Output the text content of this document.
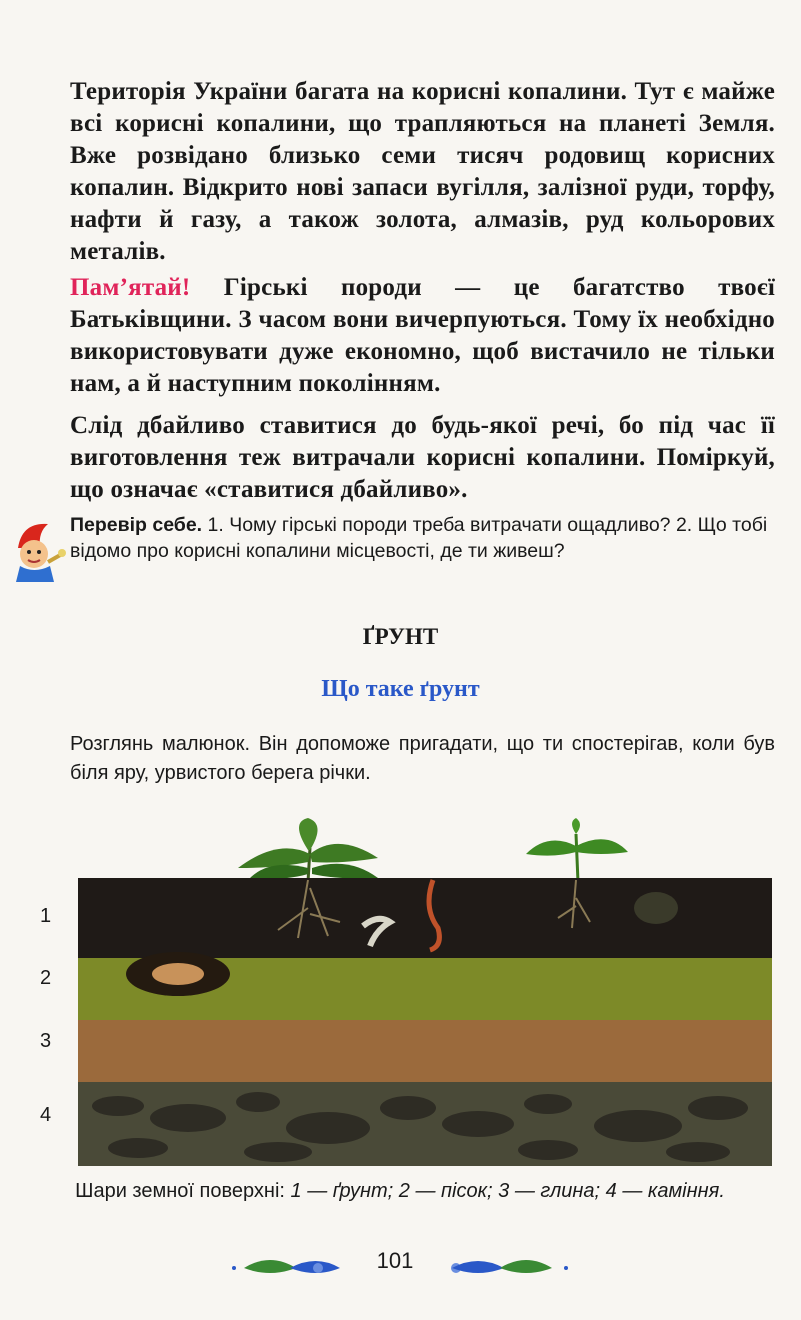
Територія України багата на корисні копалини. Тут є майже всі корисні копалини, що трапляються на планеті Земля. Вже розвідано близько семи тисяч родовищ корисних копалин. Відкрито нові запаси вугілля, залізної руди, торфу, нафти й газу, а також золота, алмазів, руд кольорових металів.
Пам’ятай! Гірські породи — це багатство твоєї Батьківщини. З часом вони вичерпуються. Тому їх необхідно використовувати дуже економно, щоб вистачило не тільки нам, а й наступним поколінням.
Слід дбайливо ставитися до будь-якої речі, бо під час її виготовлення теж витрачали корисні копалини. Поміркуй, що означає «ставитися дбайливо».
Перевір себе. 1. Чому гірські породи треба витрачати ощадливо? 2. Що тобі відомо про корисні копалини місцевості, де ти живеш?
ҐРУНТ
Що таке ґрунт
Розглянь малюнок. Він допоможе пригадати, що ти спостерігав, коли був біля яру, урвистого берега річки.
1
2
3
4
Шари земної поверхні: 1 — ґрунт; 2 — пісок; 3 — глина; 4 — каміння.
101
